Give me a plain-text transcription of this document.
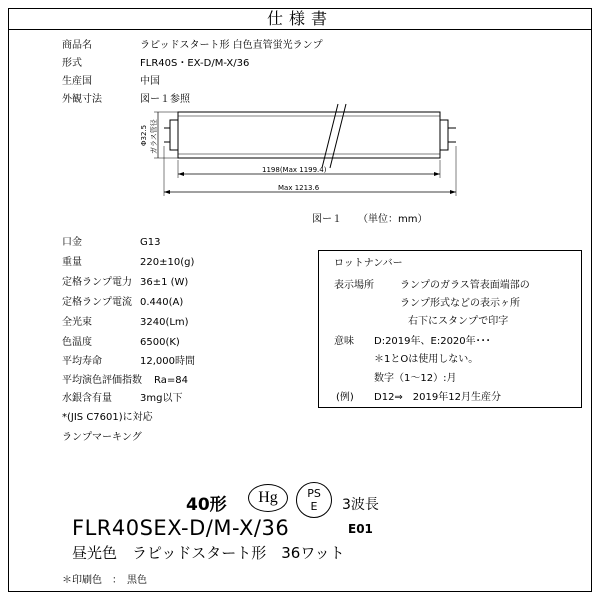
仕様書
商品名	ラピッドスタート形 白色直管蛍光ランプ
形式	FLR40S・EX-D/M-X/36
生産国	中国
外観寸法	図ー１参照
Φ32.5 ガラス管径
1198(Max 1199.4)
Max 1213.6
図ー１ （単位：mm）
口金	G13
重量	220±10(g)
定格ランプ電力 36±1 (W)
定格ランプ電流 0.440(A)
全光束	3240(Lm)
色温度	6500(K)
平均寿命	12,000時間
平均演色評価指数 Ra=84
水銀含有量	3mg以下
*(JIS C7601)に対応
ランプマーキング
ロットナンバー
表示場所	ランプのガラス管表面端部の
ランプ形式などの表示ヶ所
右下にスタンプで印字
意味 D:2019年、E:2020年･･･
＊1とOは使用しない。
数字（1～12）:月
(例) D12⇒　2019年12月生産分
40形	Hg	PS
E	3波長
FLR40SEX-D/M-X/36	E01
昼光色　ラピッドスタート形　36ワット
＊印刷色　：　黒色
